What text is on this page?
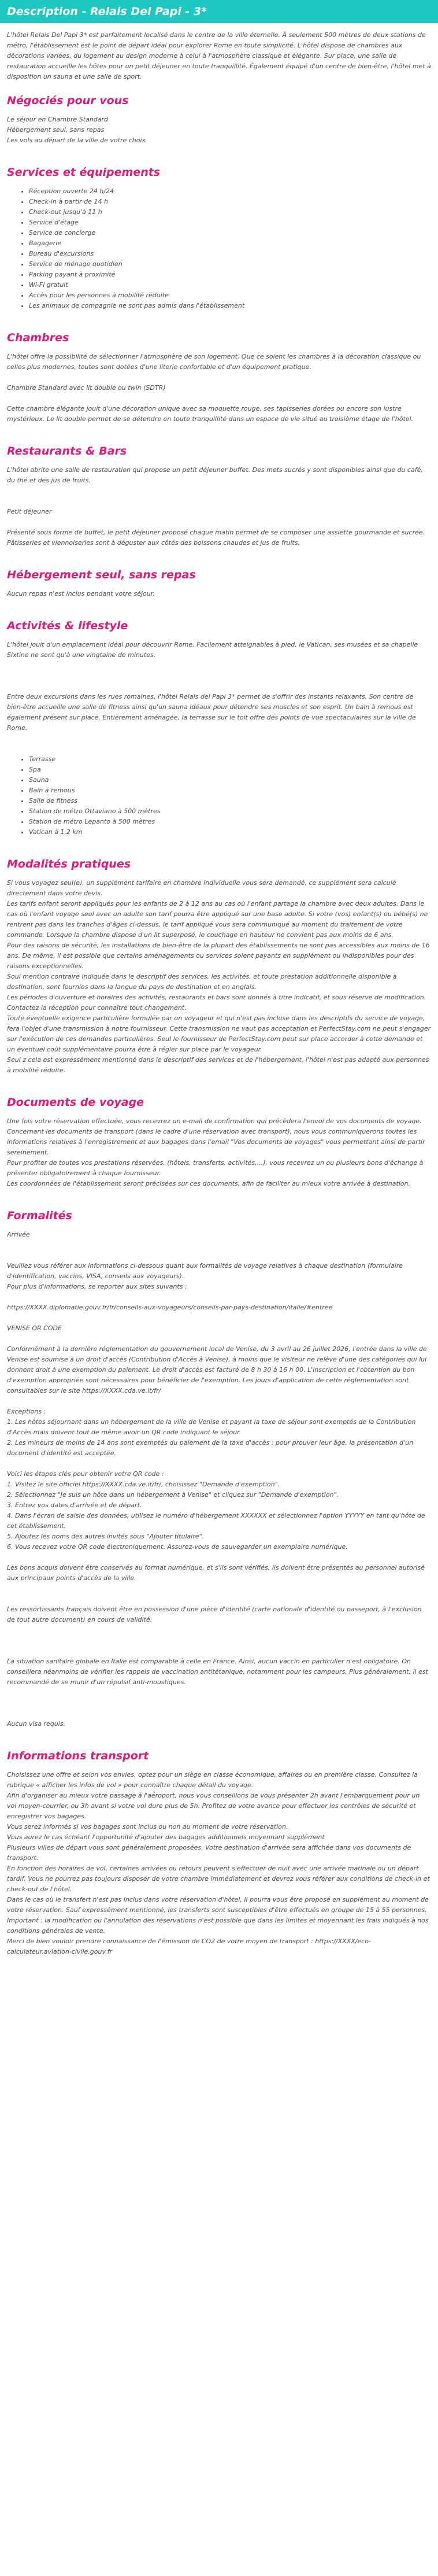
Description - Relais Del Papi - 3*

L'hôtel Relais Del Papi 3* est parfaitement localisé dans le centre de la ville éternelle. À seulement 500 mètres de deux stations de métro, l'établissement est le point de départ idéal pour explorer Rome en toute simplicité. L'hôtel dispose de chambres aux décorations variées, du logement au design moderne à celui à l'atmosphère classique et élégante. Sur place, une salle de restauration accueille les hôtes pour un petit déjeuner en toute tranquillité. Également équipé d'un centre de bien-être, l'hôtel met à disposition un sauna et une salle de sport.

Négociés pour vous

Le séjour en Chambre Standard

Hébergement seul, sans repas

Les vols au départ de la ville de votre choix

Services et équipements
• Réception ouverte 24 h/24
• Check-in à partir de 14 h
• Check-out jusqu'à 11 h
• Service d'étage
• Service de concierge
• Bagagerie
• Bureau d'excursions
• Service de ménage quotidien
• Parking payant à proximité
• Wi-Fi gratuit
• Accès pour les personnes à mobilité réduite
• Les animaux de compagnie ne sont pas admis dans l'établissement
Chambres

L'hôtel offre la possibilité de sélectionner l'atmosphère de son logement. Que ce soient les chambres à la décoration classique ou celles plus modernes, toutes sont dotées d'une literie confortable et d'un équipement pratique.

Chambre Standard avec lit double ou twin (SDTR)

Cette chambre élégante jouit d'une décoration unique avec sa moquette rouge, ses tapisseries dorées ou encore son lustre mystérieux. Le lit double permet de se détendre en toute tranquillité dans un espace de vie situé au troisième étage de l'hôtel.

Restaurants & Bars

L'hôtel abrite une salle de restauration qui propose un petit déjeuner buffet. Des mets sucrés y sont disponibles ainsi que du café, du thé et des jus de fruits.

Petit déjeuner

Présenté sous forme de buffet, le petit déjeuner proposé chaque matin permet de se composer une assiette gourmande et sucrée. Pâtisseries et viennoiseries sont à déguster aux côtés des boissons chaudes et jus de fruits.

Hébergement seul, sans repas

Aucun repas n'est inclus pendant votre séjour.

Activités & lifestyle

L'hôtel jouit d'un emplacement idéal pour découvrir Rome. Facilement atteignables à pied, le Vatican, ses musées et sa chapelle Sixtine ne sont qu'à une vingtaine de minutes.

Entre deux excursions dans les rues romaines, l'hôtel Relais del Papi 3* permet de s'offrir des instants relaxants. Son centre de bien-être accueille une salle de fitness ainsi qu'un sauna idéaux pour détendre ses muscles et son esprit. Un bain à remous est également présent sur place. Entièrement aménagée, la terrasse sur le toit offre des points de vue spectaculaires sur la ville de Rome.

• Terrasse
• Spa
• Sauna
• Bain à remous
• Salle de fitness
• Station de métro Ottaviano à 500 mètres
• Station de métro Lepanto à 500 mètres
• Vatican à 1,2 km
Modalités pratiques

Si vous voyagez seul(e), un supplément tarifaire en chambre individuelle vous sera demandé, ce supplément sera calculé directement dans votre devis.
Les tarifs enfant seront appliqués pour les enfants de 2 à 12 ans au cas où l'enfant partage la chambre avec deux adultes. Dans le cas où l'enfant voyage seul avec un adulte son tarif pourra être appliqué sur une base adulte. Si votre (vos) enfant(s) ou bébé(s) ne rentrent pas dans les tranches d'âges ci-dessus, le tarif appliqué vous sera communiqué au moment du traitement de votre commande. Lorsque la chambre dispose d'un lit superposé, le couchage en hauteur ne convient pas aux moins de 6 ans.
Pour des raisons de sécurité, les installations de bien-être de la plupart des établissements ne sont pas accessibles aux moins de 16 ans. De même, il est possible que certains aménagements ou services soient payants en supplément ou indisponibles pour des raisons exceptionnelles.
Soul mention contraire indiquée dans le descriptif des services, les activités, et toute prestation additionnelle disponible à destination, sont fournies dans la langue du pays de destination et en anglais.
Les périodes d'ouverture et horaires des activités, restaurants et bars sont donnés à titre indicatif, et sous réserve de modification. Contactez la réception pour connaître tout changement.
Toute éventuelle exigence particulière formulée par un voyageur et qui n'est pas incluse dans les descriptifs du service de voyage, fera l'objet d'une transmission à notre fournisseur. Cette transmission ne vaut pas acceptation et PerfectStay.com ne peut s'engager sur l'exécution de ces demandes particulières. Seul le fournisseur de PerfectStay.com peut sur place accorder à cette demande et un éventuel coût supplémentaire pourra être à régler sur place par le voyageur.
Seul z cela est expressément mentionné dans le descriptif des services et de l'hébergement, l'hôtel n'est pas adapté aux personnes à mobilité réduite.

Documents de voyage

Une fois votre réservation effectuée, vous recevrez un e-mail de confirmation qui précèdera l'envoi de vos documents de voyage.
Concernant les documents de transport (dans le cadre d'une réservation avec transport), nous vous communiquerons toutes les informations relatives à l'enregistrement et aux bagages dans l'email "Vos documents de voyages" vous permettant ainsi de partir sereinement.
Pour profiter de toutes vos prestations réservées, (hôtels, transferts, activités,...), vous recevrez un ou plusieurs bons d'échange à présenter obligatoirement à chaque fournisseur.
Les coordonnées de l'établissement seront précisées sur ces documents, afin de faciliter au mieux votre arrivée à destination.

Formalités

Arrivée

Veuillez vous référer aux informations ci-dessous quant aux formalités de voyage relatives à chaque destination (formulaire d'identification, vaccins, VISA, conseils aux voyageurs).
Pour plus d'informations, se reporter aux sites suivants :

https://XXXX.diplomatie.gouv.fr/fr/conseils-aux-voyageurs/conseils-par-pays-destination/italie/#entree

VENISE QR CODE

Conformément à la dernière réglementation du gouvernement local de Venise, du 3 avril au 26 juillet 2026, l'entrée dans la ville de Venise est soumise à un droit d'accès (Contribution d'Accès à Venise), à moins que le visiteur ne relève d'une des catégories qui lui donnent droit à une exemption du paiement. Le droit d'accès est facturé de 8 h 30 à 16 h 00. L'inscription et l'obtention du bon d'exemption appropriée sont nécessaires pour bénéficier de l'exemption. Les jours d'application de cette réglementation sont consultables sur le site https://XXXX.cda.ve.it/fr/

Exceptions :
1. Les hôtes séjournant dans un hébergement de la ville de Venise et payant la taxe de séjour sont exemptés de la Contribution d'Accès mais doivent tout de même avoir un QR code indiquant le séjour.
2. Les mineurs de moins de 14 ans sont exemptés du paiement de la taxe d'accès : pour prouver leur âge, la présentation d'un document d'identité est acceptée.

Voici les étapes clés pour obtenir votre QR code :
1. Visitez le site officiel https://XXXX.cda.ve.it/fr/, choisissez "Demande d'exemption".
2. Sélectionnez "Je suis un hôte dans un hébergement à Venise" et cliquez sur "Demande d'exemption".
3. Entrez vos dates d'arrivée et de départ.
4. Dans l'écran de saisie des données, utilisez le numéro d'hébergement XXXXXX et sélectionnez l'option YYYYY en tant qu'hôte de cet établissement.
5. Ajoutez les noms des autres invités sous "Ajouter titulaire".
6. Vous recevez votre QR code électroniquement. Assurez-vous de sauvegarder un exemplaire numérique.

Les bons acquis doivent être conservés au format numérique, et s'ils sont vérifiés, ils doivent être présentés au personnel autorisé aux principaux points d'accès de la ville.

Les ressortissants français doivent être en possession d'une pièce d'identité (carte nationale d'identité ou passeport, à l'exclusion de tout autre document) en cours de validité.

La situation sanitaire globale en Italie est comparable à celle en France. Ainsi, aucun vaccin en particulier n'est obligatoire. On conseillera néanmoins de vérifier les rappels de vaccination antitétanique, notamment pour les campeurs. Plus généralement, il est recommandé de se munir d'un répulsif anti-moustiques.

Aucun visa requis.

Informations transport

Choisissez une offre et selon vos envies, optez pour un siège en classe économique, affaires ou en première classe. Consultez la rubrique « afficher les infos de vol » pour connaître chaque détail du voyage.
Afin d'organiser au mieux votre passage à l'aéroport, nous vous conseillons de vous présenter 2h avant l'embarquement pour un vol moyen-courrier, ou 3h avant si votre vol dure plus de 5h. Profitez de votre avance pour effectuer les contrôles de sécurité et enregistrer vos bagages.
Vous serez informés si vos bagages sont inclus ou non au moment de votre réservation.
Vous aurez le cas échéant l'opportunité d'ajouter des bagages additionnels moyennant supplément
Plusieurs villes de départ vous sont généralement proposées. Votre destination d'arrivée sera affichée dans vos documents de transport.
En fonction des horaires de vol, certaines arrivées ou retours peuvent s'effectuer de nuit avec une arrivée matinale ou un départ tardif. Vous ne pourrez pas toujours disposer de votre chambre immédiatement et devrez vous référer aux conditions de check-in et check-out de l'hôtel.
Dans le cas où le transfert n'est pas inclus dans votre réservation d'hôtel, il pourra vous être proposé en supplément au moment de votre réservation. Sauf expressément mentionné, les transferts sont susceptibles d'être effectués en groupe de 15 à 55 personnes.
Important : la modification ou l'annulation des réservations n'est possible que dans les limites et moyennant les frais indiqués à nos conditions générales de vente.
Merci de bien vouloir prendre connaissance de l'émission de CO2 de votre moyen de transport : https://XXXX/eco-calculateur.aviation-civile.gouv.fr
